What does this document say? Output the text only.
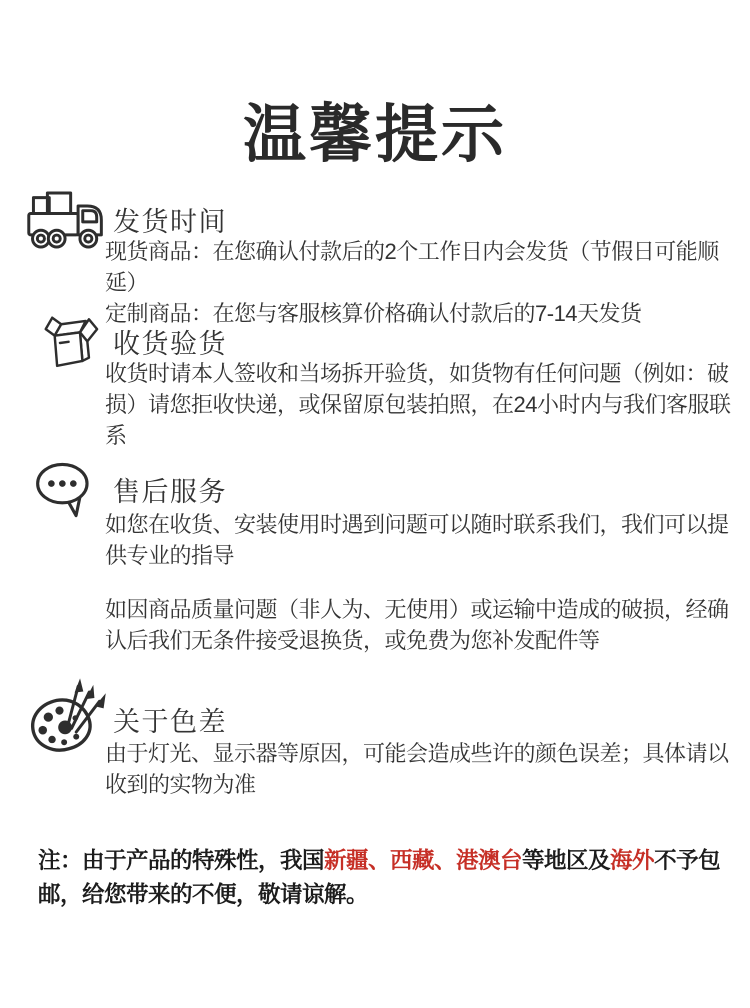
温馨提示
发货时间

现货商品：在您确认付款后的2个工作日内会发货（节假日可能顺延）

定制商品：在您与客服核算价格确认付款后的7-14天发货

收货验货

收货时请本人签收和当场拆开验货，如货物有任何问题（例如：破损）请您拒收快递，或保留原包装拍照，在24小时内与我们客服联系

售后服务

如您在收货、安装使用时遇到问题可以随时联系我们，我们可以提供专业的指导

如因商品质量问题（非人为、无使用）或运输中造成的破损，经确认后我们无条件接受退换货，或免费为您补发配件等

关于色差

由于灯光、显示器等原因，可能会造成些许的颜色误差；具体请以收到的实物为准

注：由于产品的特殊性，我国新疆、西藏、港澳台等地区及海外不予包邮，给您带来的不便，敬请谅解。
